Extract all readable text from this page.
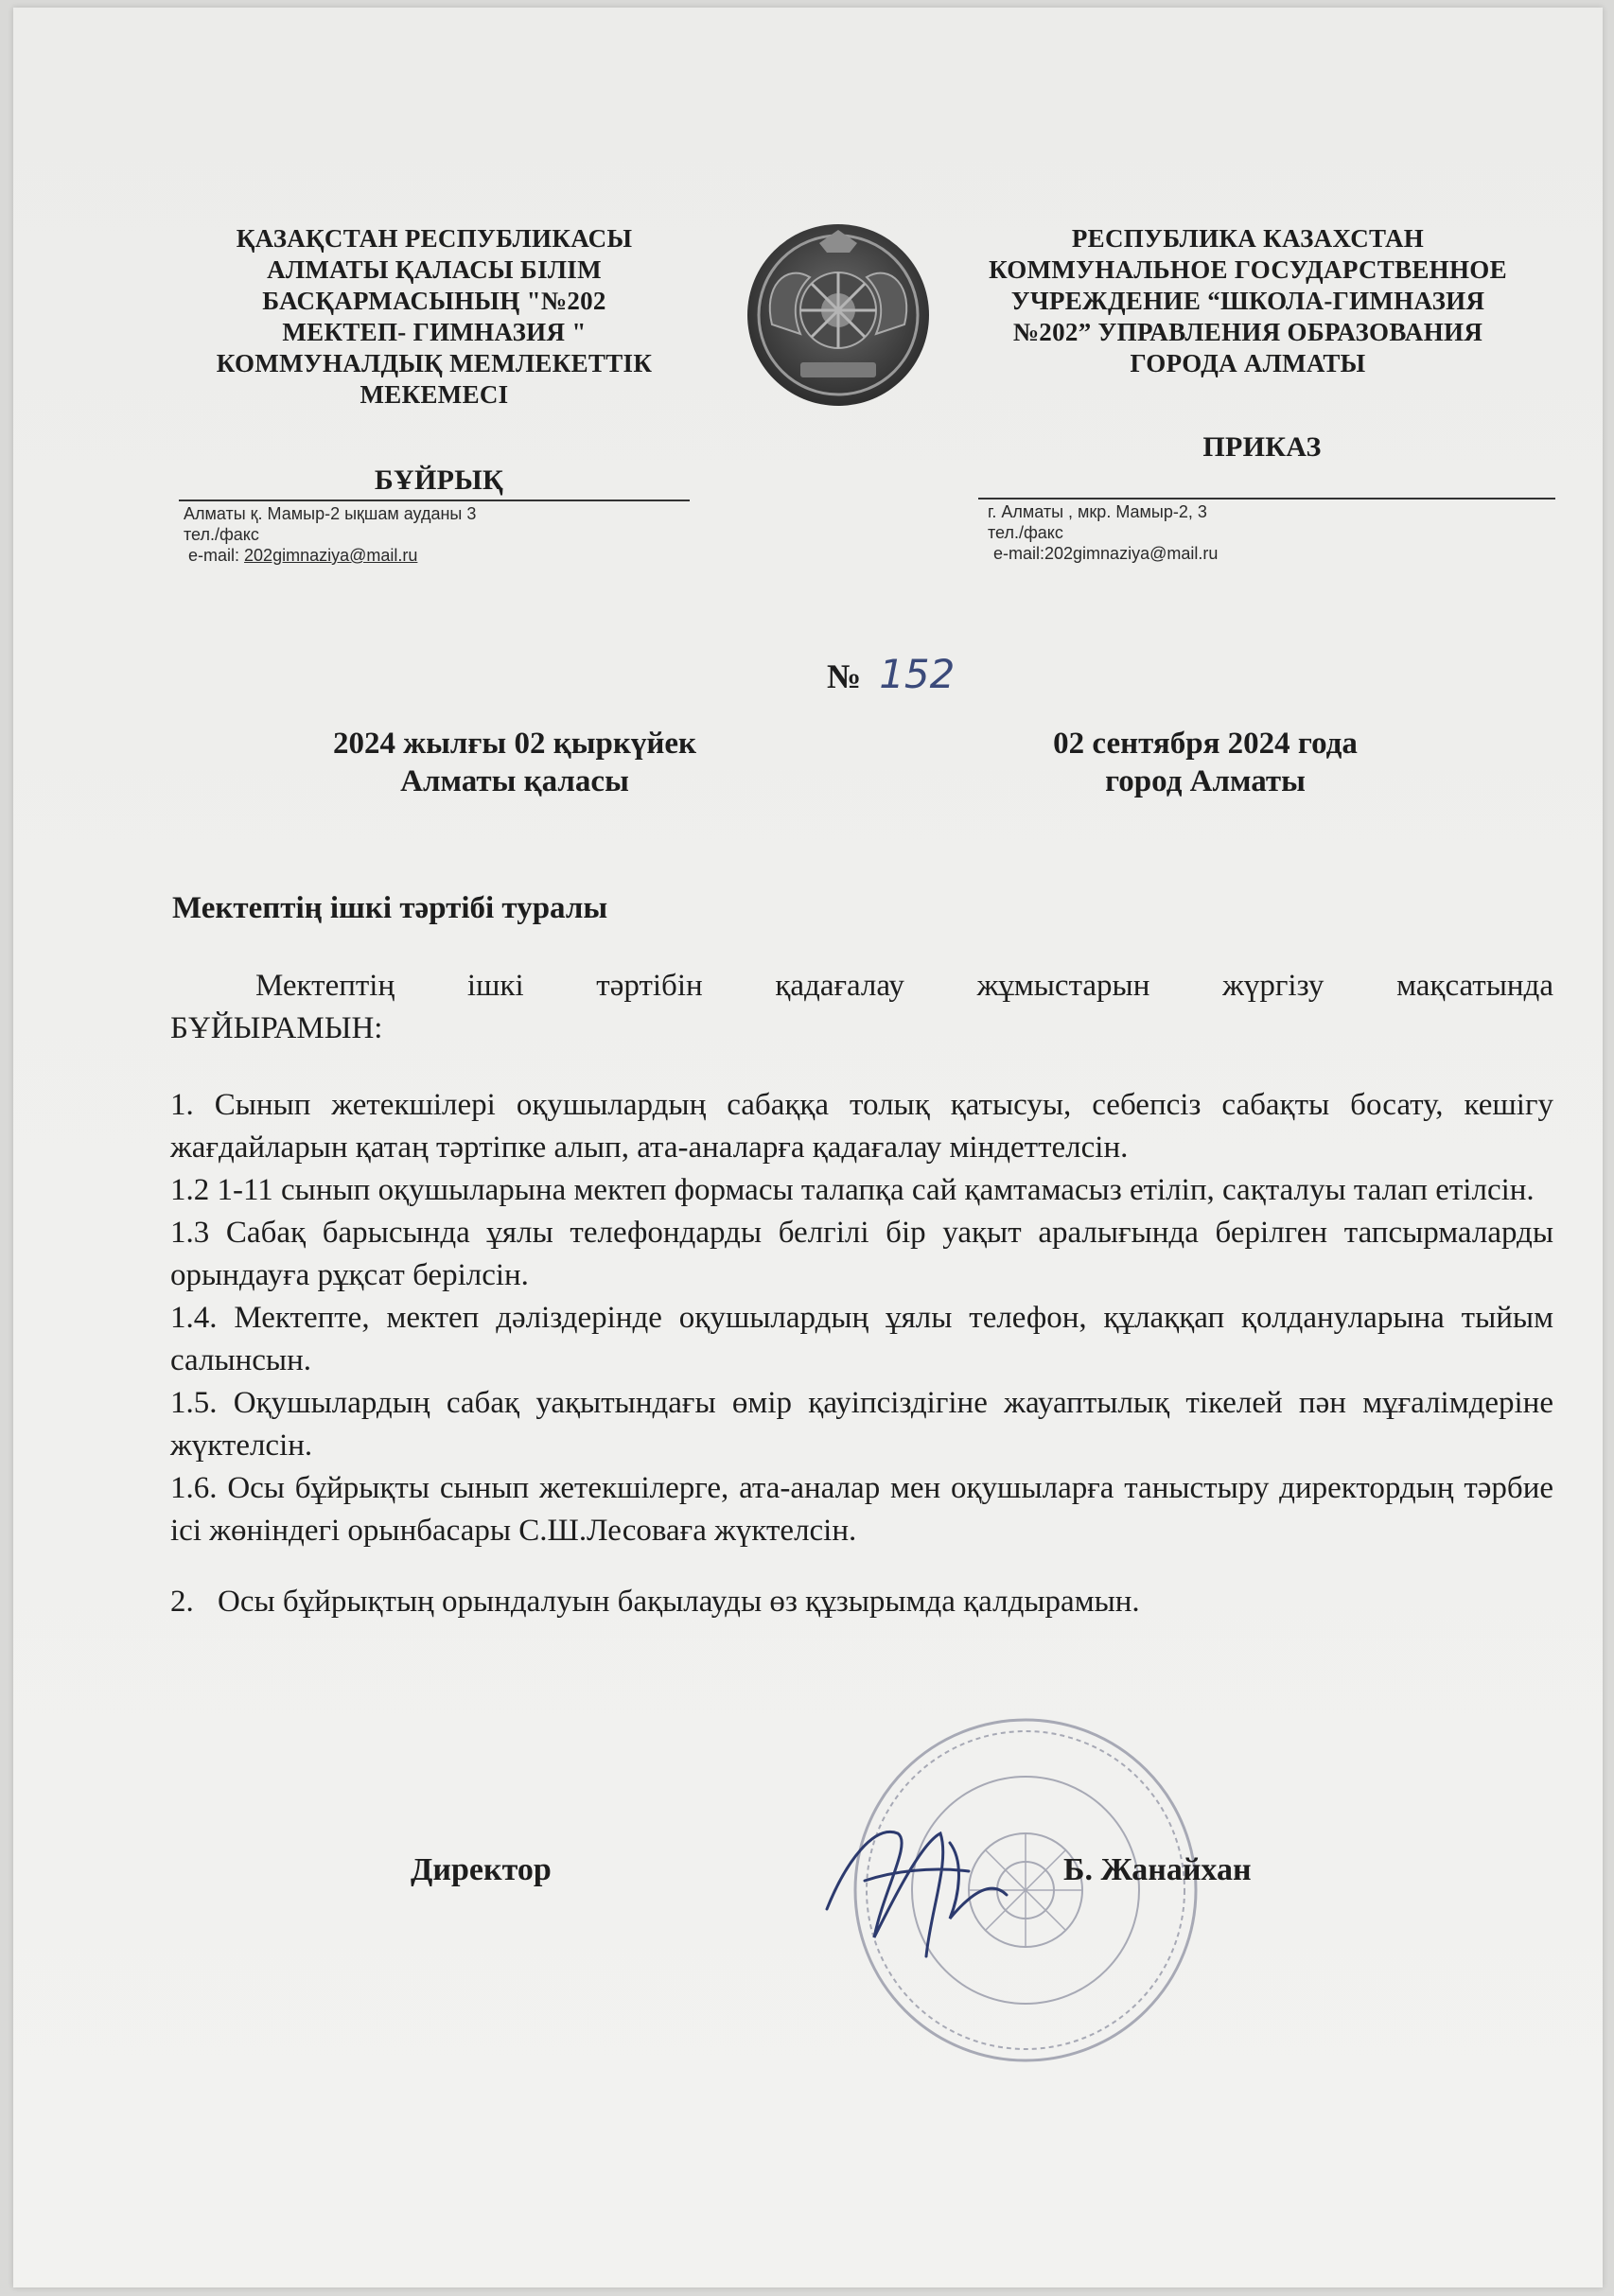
ҚАЗАҚСТАН РЕСПУБЛИКАСЫ
АЛМАТЫ ҚАЛАСЫ БІЛІМ
БАСҚАРМАСЫНЫҢ "№202
МЕКТЕП- ГИМНАЗИЯ "
КОММУНАЛДЫҚ МЕМЛЕКЕТТІК
МЕКЕМЕСІ
БҰЙРЫҚ
РЕСПУБЛИКА КАЗАХСТАН
КОММУНАЛЬНОЕ ГОСУДАРСТВЕННОЕ
УЧРЕЖДЕНИЕ “ШКОЛА-ГИМНАЗИЯ
№202” УПРАВЛЕНИЯ ОБРАЗОВАНИЯ
ГОРОДА АЛМАТЫ
ПРИКАЗ
Алматы қ. Мамыр-2 ықшам ауданы 3
тел./факс
e-mail: 202gimnaziya@mail.ru
г. Алматы , мкр. Мамыр-2, 3
тел./факс
e-mail:202gimnaziya@mail.ru
№ 152
2024 жылғы 02 қыркүйек
Алматы қаласы
02 сентября 2024 года
город Алматы
Мектептің ішкі тәртібі туралы

Мектептің ішкі тәртібін қадағалау жұмыстарын жүргізу мақсатында

БҰЙЫРАМЫН:

1. Сынып жетекшілері оқушылардың сабаққа толық қатысуы, себепсіз сабақты босату, кешігу жағдайларын қатаң тәртіпке алып, ата-аналарға қадағалау міндеттелсін.

1.2 1-11 сынып оқушыларына мектеп формасы талапқа сай қамтамасыз етіліп, сақталуы талап етілсін.

1.3 Сабақ барысында ұялы телефондарды белгілі бір уақыт аралығында берілген тапсырмаларды орындауға рұқсат берілсін.

1.4. Мектепте, мектеп дәліздерінде оқушылардың ұялы телефон, құлаққап қолдануларына тыйым салынсын.

1.5. Оқушылардың сабақ уақытындағы өмір қауіпсіздігіне жауаптылық тікелей пән мұғалімдеріне жүктелсін.

1.6. Осы бұйрықты сынып жетекшілерге, ата-аналар мен оқушыларға таныстыру директордың тәрбие ісі жөніндегі орынбасары С.Ш.Лесоваға жүктелсін.

2. Осы бұйрықтың орындалуын бақылауды өз құзырымда қалдырамын.

Директор	Б. Жанайхан
